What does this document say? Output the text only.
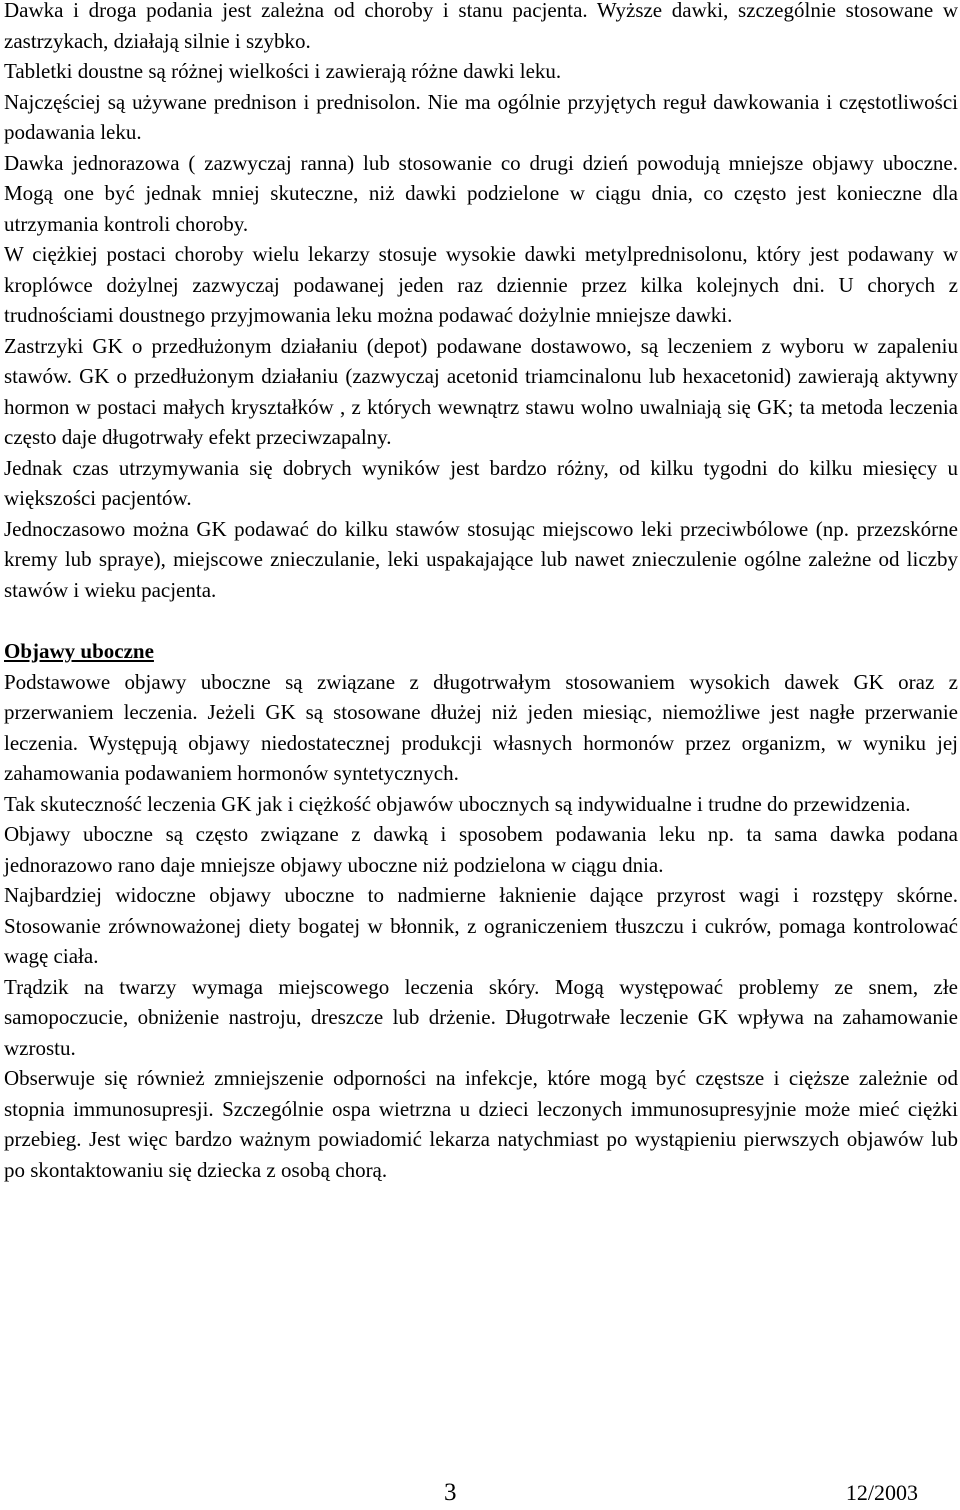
Dawka i droga podania jest zależna od choroby i stanu pacjenta. Wyższe dawki, szczególnie stosowane w zastrzykach, działają silnie i szybko.

Tabletki doustne są różnej wielkości i zawierają różne dawki leku.

Najczęściej są używane prednison i prednisolon. Nie ma ogólnie przyjętych reguł dawkowania i częstotliwości podawania leku.

Dawka jednorazowa ( zazwyczaj ranna) lub stosowanie co drugi dzień powodują mniejsze objawy uboczne. Mogą one być jednak mniej skuteczne, niż dawki podzielone w ciągu dnia, co często jest konieczne dla utrzymania kontroli choroby.

W ciężkiej postaci choroby wielu lekarzy stosuje wysokie dawki metylprednisolonu, który jest podawany w kroplówce dożylnej zazwyczaj podawanej jeden raz dziennie przez kilka kolejnych dni. U chorych z trudnościami doustnego przyjmowania leku można podawać dożylnie mniejsze dawki.

Zastrzyki GK o przedłużonym działaniu (depot) podawane dostawowo, są leczeniem z wyboru w zapaleniu stawów. GK o przedłużonym działaniu (zazwyczaj acetonid triamcinalonu lub hexacetonid) zawierają aktywny hormon w postaci małych kryształków , z których wewnątrz stawu wolno uwalniają się GK; ta metoda leczenia często daje długotrwały efekt przeciwzapalny.

Jednak czas utrzymywania się dobrych wyników jest bardzo różny, od kilku tygodni do kilku miesięcy u większości pacjentów.

Jednoczasowo można GK podawać do kilku stawów stosując miejscowo leki przeciwbólowe (np. przezskórne kremy lub spraye), miejscowe znieczulanie, leki uspakajające lub nawet znieczulenie ogólne zależne od liczby stawów i wieku pacjenta.

Objawy uboczne

Podstawowe objawy uboczne są związane z długotrwałym stosowaniem wysokich dawek GK oraz z przerwaniem leczenia. Jeżeli GK są stosowane dłużej niż jeden miesiąc, niemożliwe jest nagłe przerwanie leczenia. Występują objawy niedostatecznej produkcji własnych hormonów przez organizm, w wyniku jej zahamowania podawaniem hormonów syntetycznych.

Tak skuteczność leczenia GK jak i ciężkość objawów ubocznych są indywidualne i trudne do przewidzenia.

Objawy uboczne są często związane z dawką i sposobem podawania leku np. ta sama dawka podana jednorazowo rano daje mniejsze objawy uboczne niż podzielona w ciągu dnia.

Najbardziej widoczne objawy uboczne to nadmierne łaknienie dające przyrost wagi i rozstępy skórne. Stosowanie zrównoważonej diety bogatej w błonnik, z ograniczeniem tłuszczu i cukrów, pomaga kontrolować wagę ciała.

Trądzik na twarzy wymaga miejscowego leczenia skóry. Mogą występować problemy ze snem, złe samopoczucie, obniżenie nastroju, dreszcze lub drżenie. Długotrwałe leczenie GK wpływa na zahamowanie wzrostu.

Obserwuje się również zmniejszenie odporności na infekcje, które mogą być częstsze i cięższe zależnie od stopnia immunosupresji. Szczególnie ospa wietrzna u dzieci leczonych immunosupresyjnie może mieć ciężki przebieg. Jest więc bardzo ważnym powiadomić lekarza natychmiast po wystąpieniu pierwszych objawów lub po skontaktowaniu się dziecka z osobą chorą.

3	12/2003
